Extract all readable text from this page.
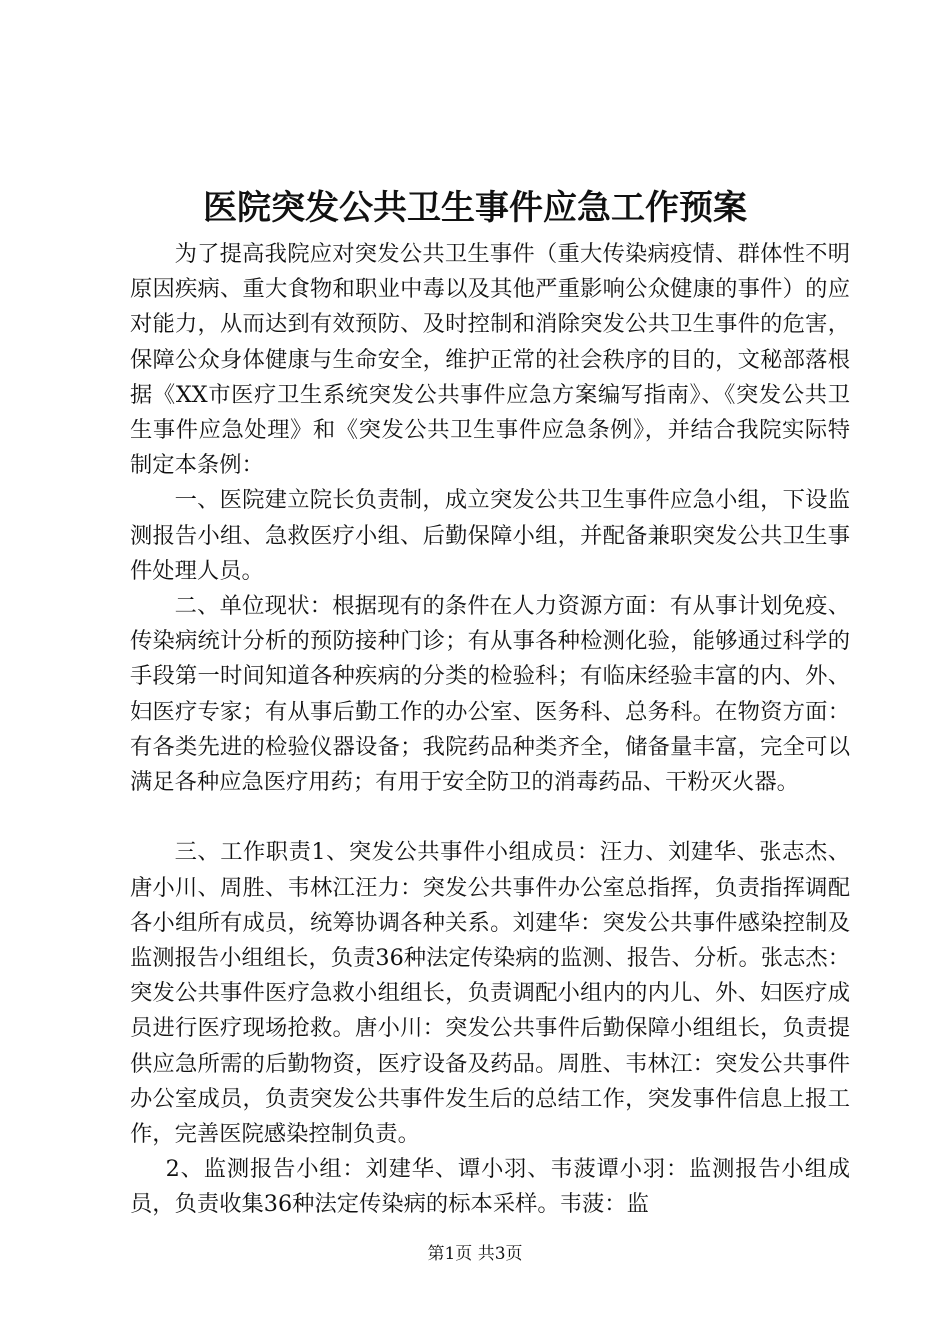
医院突发公共卫生事件应急工作预案

为了提高我院应对突发公共卫生事件（重大传染病疫情、群体性不明原因疾病、重大食物和职业中毒以及其他严重影响公众健康的事件）的应对能力，从而达到有效预防、及时控制和消除突发公共卫生事件的危害，保障公众身体健康与生命安全，维护正常的社会秩序的目的，文秘部落根据《XX市医疗卫生系统突发公共事件应急方案编写指南》、《突发公共卫生事件应急处理》和《突发公共卫生事件应急条例》，并结合我院实际特制定本条例：

一、医院建立院长负责制，成立突发公共卫生事件应急小组，下设监测报告小组、急救医疗小组、后勤保障小组，并配备兼职突发公共卫生事件处理人员。

二、单位现状：根据现有的条件在人力资源方面：有从事计划免疫、传染病统计分析的预防接种门诊；有从事各种检测化验，能够通过科学的手段第一时间知道各种疾病的分类的检验科；有临床经验丰富的内、外、妇医疗专家；有从事后勤工作的办公室、医务科、总务科。在物资方面：有各类先进的检验仪器设备；我院药品种类齐全，储备量丰富，完全可以满足各种应急医疗用药；有用于安全防卫的消毒药品、干粉灭火器。

三、工作职责1、突发公共事件小组成员：汪力、刘建华、张志杰、唐小川、周胜、韦林江汪力：突发公共事件办公室总指挥，负责指挥调配各小组所有成员，统筹协调各种关系。刘建华：突发公共事件感染控制及监测报告小组组长，负责36种法定传染病的监测、报告、分析。张志杰：突发公共事件医疗急救小组组长，负责调配小组内的内儿、外、妇医疗成员进行医疗现场抢救。唐小川：突发公共事件后勤保障小组组长，负责提供应急所需的后勤物资，医疗设备及药品。周胜、韦林江：突发公共事件办公室成员，负责突发公共事件发生后的总结工作，突发事件信息上报工作，完善医院感染控制负责。

2、监测报告小组：刘建华、谭小羽、韦菠谭小羽：监测报告小组成员，负责收集36种法定传染病的标本采样。韦菠：监

第1页 共3页
